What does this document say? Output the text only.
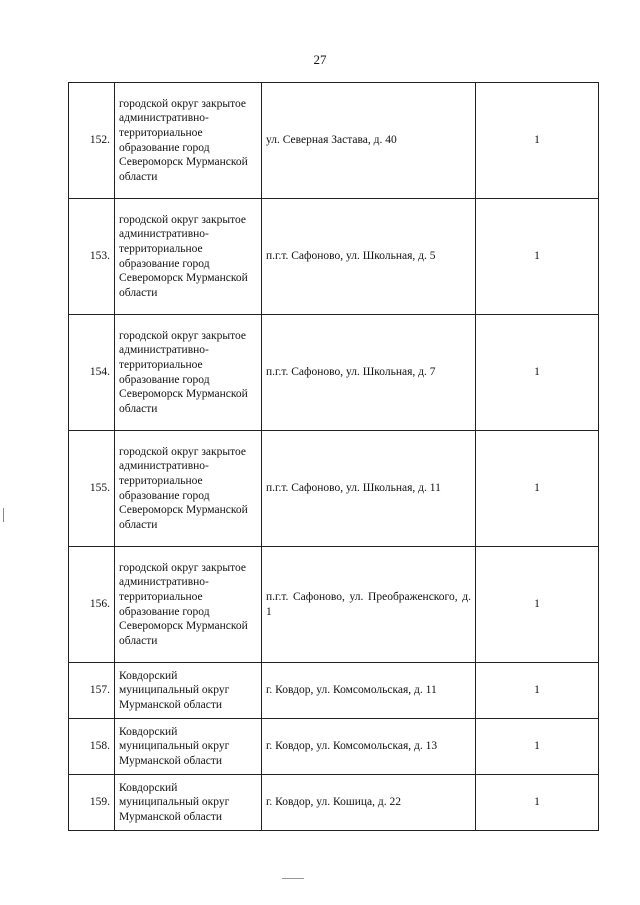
27
152.	городской округ закрытое административно-территориальное образование город Североморск Мурманской области	ул. Северная Застава, д. 40	1
153.	городской округ закрытое административно-территориальное образование город Североморск Мурманской области	п.г.т. Сафоново, ул. Школьная, д. 5	1
154.	городской округ закрытое административно-территориальное образование город Североморск Мурманской области	п.г.т. Сафоново, ул. Школьная, д. 7	1
155.	городской округ закрытое административно-территориальное образование город Североморск Мурманской области	п.г.т. Сафоново, ул. Школьная, д. 11	1
156.	городской округ закрытое административно-территориальное образование город Североморск Мурманской области	п.г.т. Сафоново, ул. Преображенского, д. 1	1
157.	Ковдорский муниципальный округ Мурманской области	г. Ковдор, ул. Комсомольская, д. 11	1
158.	Ковдорский муниципальный округ Мурманской области	г. Ковдор, ул. Комсомольская, д. 13	1
159.	Ковдорский муниципальный округ Мурманской области	г. Ковдор, ул. Кошица, д. 22	1
